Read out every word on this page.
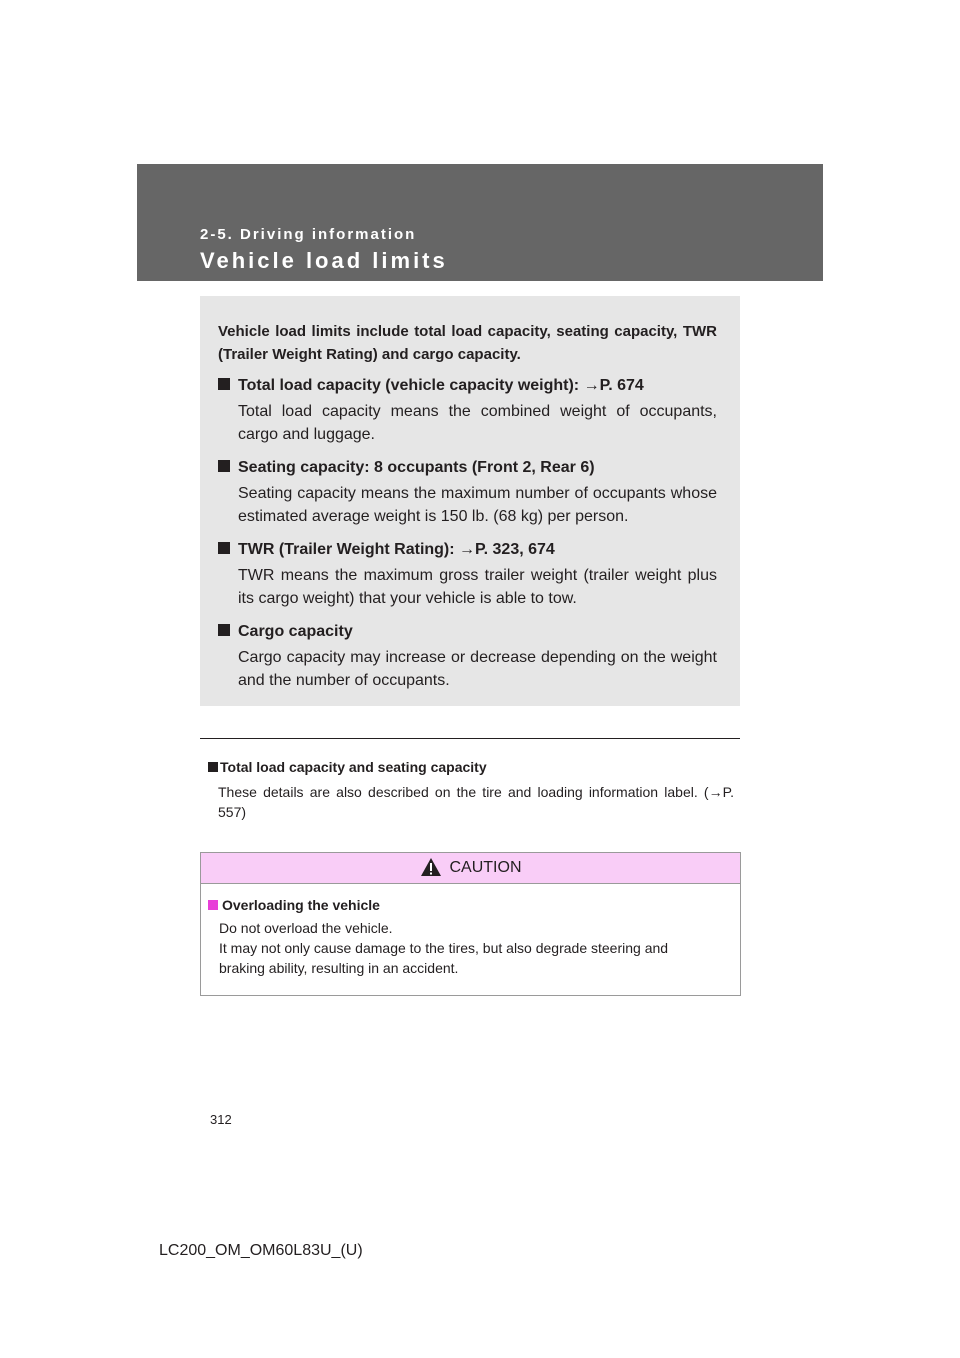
2-5. Driving information
Vehicle load limits

Vehicle load limits include total load capacity, seating capacity, TWR (Trailer Weight Rating) and cargo capacity.

Total load capacity (vehicle capacity weight): →P. 674
Total load capacity means the combined weight of occupants, cargo and luggage.
Seating capacity: 8 occupants (Front 2, Rear 6)
Seating capacity means the maximum number of occupants whose estimated average weight is 150 lb. (68 kg) per person.
TWR (Trailer Weight Rating): →P. 323, 674
TWR means the maximum gross trailer weight (trailer weight plus its cargo weight) that your vehicle is able to tow.
Cargo capacity
Cargo capacity may increase or decrease depending on the weight and the number of occupants.
Total load capacity and seating capacity
These details are also described on the tire and loading information label. (→P. 557)
CAUTION
Overloading the vehicle
Do not overload the vehicle.
It may not only cause damage to the tires, but also degrade steering and
braking ability, resulting in an accident.
312
LC200_OM_OM60L83U_(U)
